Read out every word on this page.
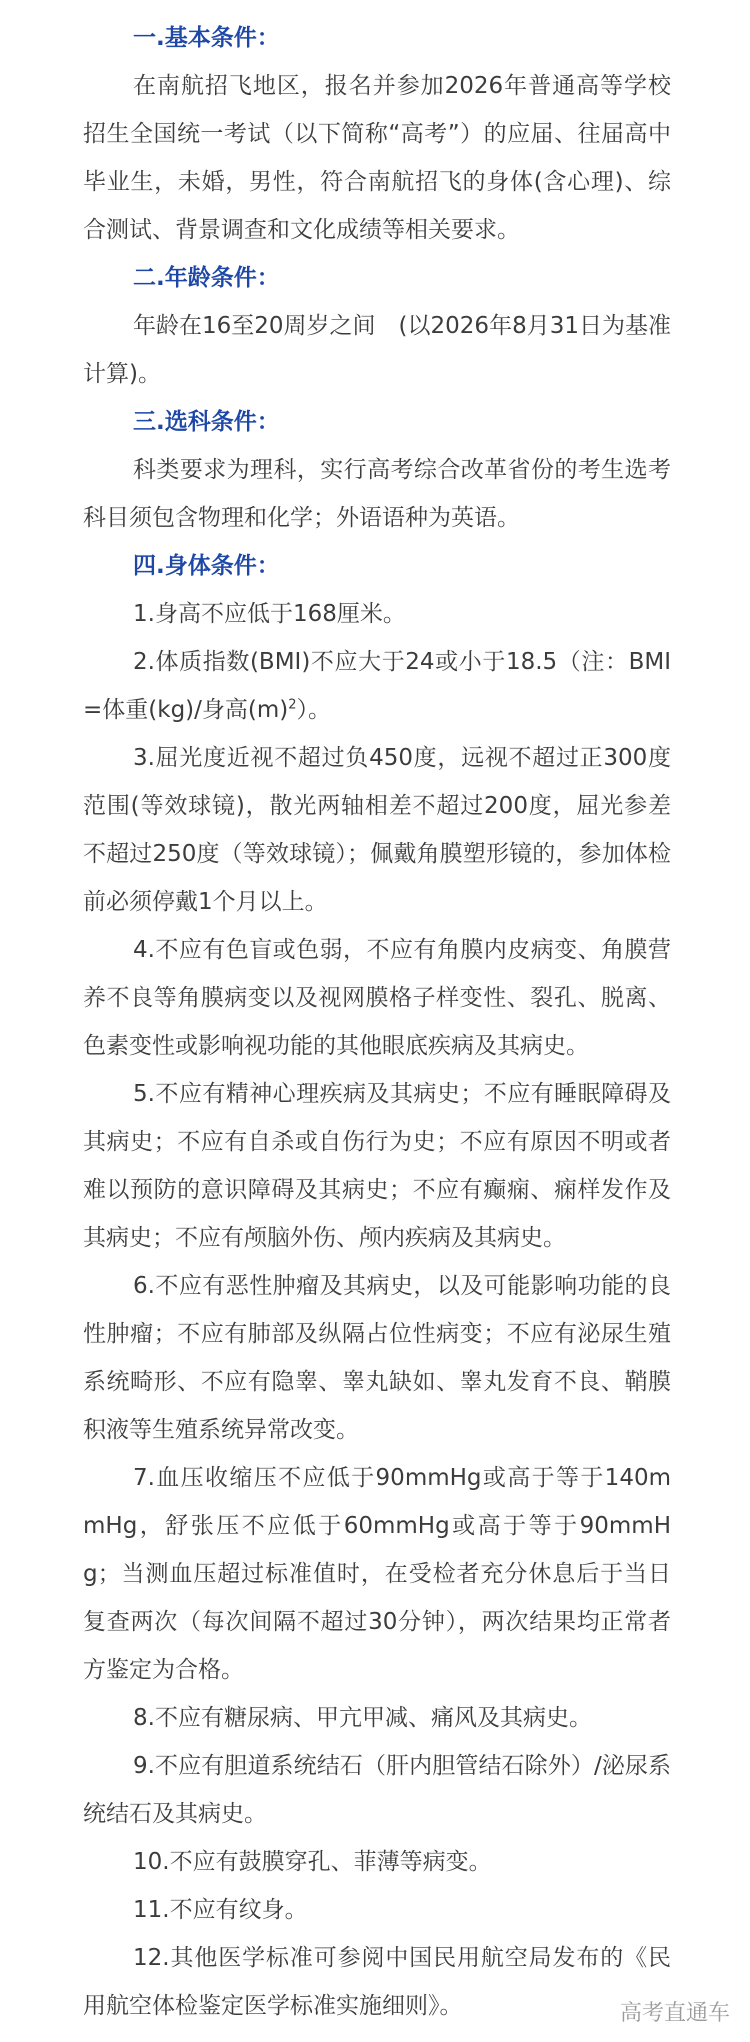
一.基本条件：

在南航招飞地区，报名并参加2026年普通高等学校招生全国统一考试（以下简称“高考”）的应届、往届高中毕业生，未婚，男性，符合南航招飞的身体(含心理)、综合测试、背景调查和文化成绩等相关要求。

二.年龄条件：

年龄在16至20周岁之间　(以2026年8月31日为基准计算)。

三.选科条件：

科类要求为理科，实行高考综合改革省份的考生选考科目须包含物理和化学；外语语种为英语。

四.身体条件：

1.身高不应低于168厘米。

2.体质指数(BMI)不应大于24或小于18.5（注：BMI=体重(kg)/身高$(m)^2$）。

3.屈光度近视不超过负450度，远视不超过正300度范围(等效球镜)，散光两轴相差不超过200度，屈光参差不超过250度（等效球镜）；佩戴角膜塑形镜的，参加体检前必须停戴1个月以上。

4.不应有色盲或色弱，不应有角膜内皮病变、角膜营养不良等角膜病变以及视网膜格子样变性、裂孔、脱离、色素变性或影响视功能的其他眼底疾病及其病史。

5.不应有精神心理疾病及其病史；不应有睡眠障碍及其病史；不应有自杀或自伤行为史；不应有原因不明或者难以预防的意识障碍及其病史；不应有癫痫、痫样发作及其病史；不应有颅脑外伤、颅内疾病及其病史。

6.不应有恶性肿瘤及其病史，以及可能影响功能的良性肿瘤；不应有肺部及纵隔占位性病变；不应有泌尿生殖系统畸形、不应有隐睾、睾丸缺如、睾丸发育不良、鞘膜积液等生殖系统异常改变。

7.血压收缩压不应低于90mmHg或高于等于140mmHg，舒张压不应低于60mmHg或高于等于90mmHg；当测血压超过标准值时，在受检者充分休息后于当日复查两次（每次间隔不超过30分钟），两次结果均正常者方鉴定为合格。

8.不应有糖尿病、甲亢甲减、痛风及其病史。

9.不应有胆道系统结石（肝内胆管结石除外）/泌尿系统结石及其病史。

10.不应有鼓膜穿孔、菲薄等病变。

11.不应有纹身。

12.其他医学标准可参阅中国民用航空局发布的《民用航空体检鉴定医学标准实施细则》。	高考直通车
